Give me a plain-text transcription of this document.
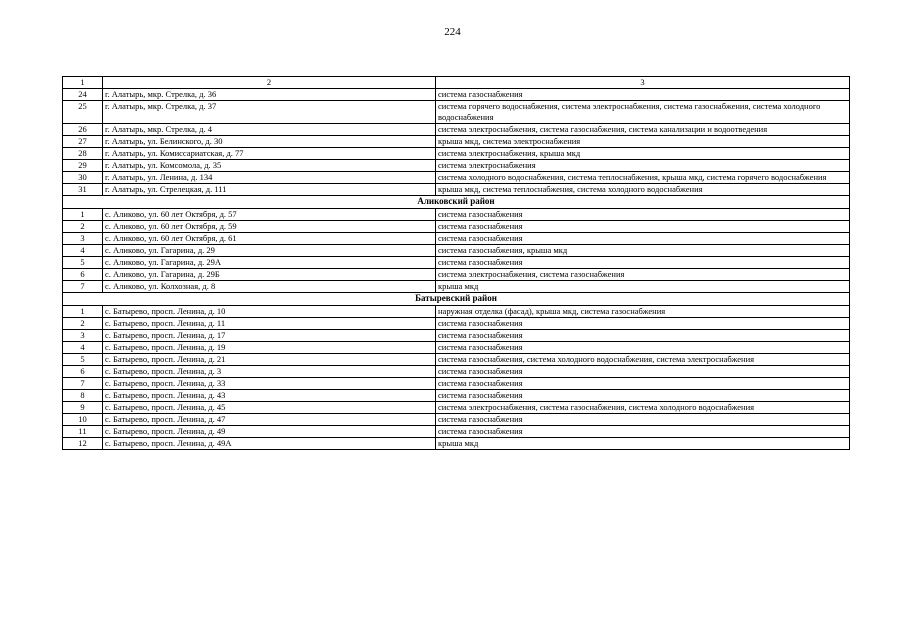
224
1	2	3
24	г. Алатырь, мкр. Стрелка, д. 36	система газоснабжения
25	г. Алатырь, мкр. Стрелка, д. 37	система горячего водоснабжения, система электроснабжения, система газоснабжения, система холодного водоснабжения
26	г. Алатырь, мкр. Стрелка, д. 4	система электроснабжения, система газоснабжения, система канализации и водоотведения
27	г. Алатырь, ул. Белинского, д. 30	крыша мкд, система электроснабжения
28	г. Алатырь, ул. Комиссариатская, д. 77	система электроснабжения, крыша мкд
29	г. Алатырь, ул. Комсомола, д. 35	система электроснабжения
30	г. Алатырь, ул. Ленина, д. 134	система холодного водоснабжения, система теплоснабжения, крыша мкд, система горячего водоснабжения
31	г. Алатырь, ул. Стрелецкая, д. 111	крыша мкд, система теплоснабжения, система холодного водоснабжения
Аликовский район		
1	с. Аликово, ул. 60 лет Октября, д. 57	система газоснабжения
2	с. Аликово, ул. 60 лет Октября, д. 59	система газоснабжения
3	с. Аликово, ул. 60 лет Октября, д. 61	система газоснабжения
4	с. Аликово, ул. Гагарина, д. 29	система газоснабжения, крыша мкд
5	с. Аликово, ул. Гагарина, д. 29А	система газоснабжения
6	с. Аликово, ул. Гагарина, д. 29Б	система электроснабжения, система газоснабжения
7	с. Аликово, ул. Колхозная, д. 8	крыша мкд
Батыревский район		
1	с. Батырево, просп. Ленина, д. 10	наружная отделка (фасад), крыша мкд, система газоснабжения
2	с. Батырево, просп. Ленина, д. 11	система газоснабжения
3	с. Батырево, просп. Ленина, д. 17	система газоснабжения
4	с. Батырево, просп. Ленина, д. 19	система газоснабжения
5	с. Батырево, просп. Ленина, д. 21	система газоснабжения, система холодного водоснабжения, система электроснабжения
6	с. Батырево, просп. Ленина, д. 3	система газоснабжения
7	с. Батырево, просп. Ленина, д. 33	система газоснабжения
8	с. Батырево, просп. Ленина, д. 43	система газоснабжения
9	с. Батырево, просп. Ленина, д. 45	система электроснабжения, система газоснабжения, система холодного водоснабжения
10	с. Батырево, просп. Ленина, д. 47	система газоснабжения
11	с. Батырево, просп. Ленина, д. 49	система газоснабжения
12	с. Батырево, просп. Ленина, д. 49А	крыша мкд
